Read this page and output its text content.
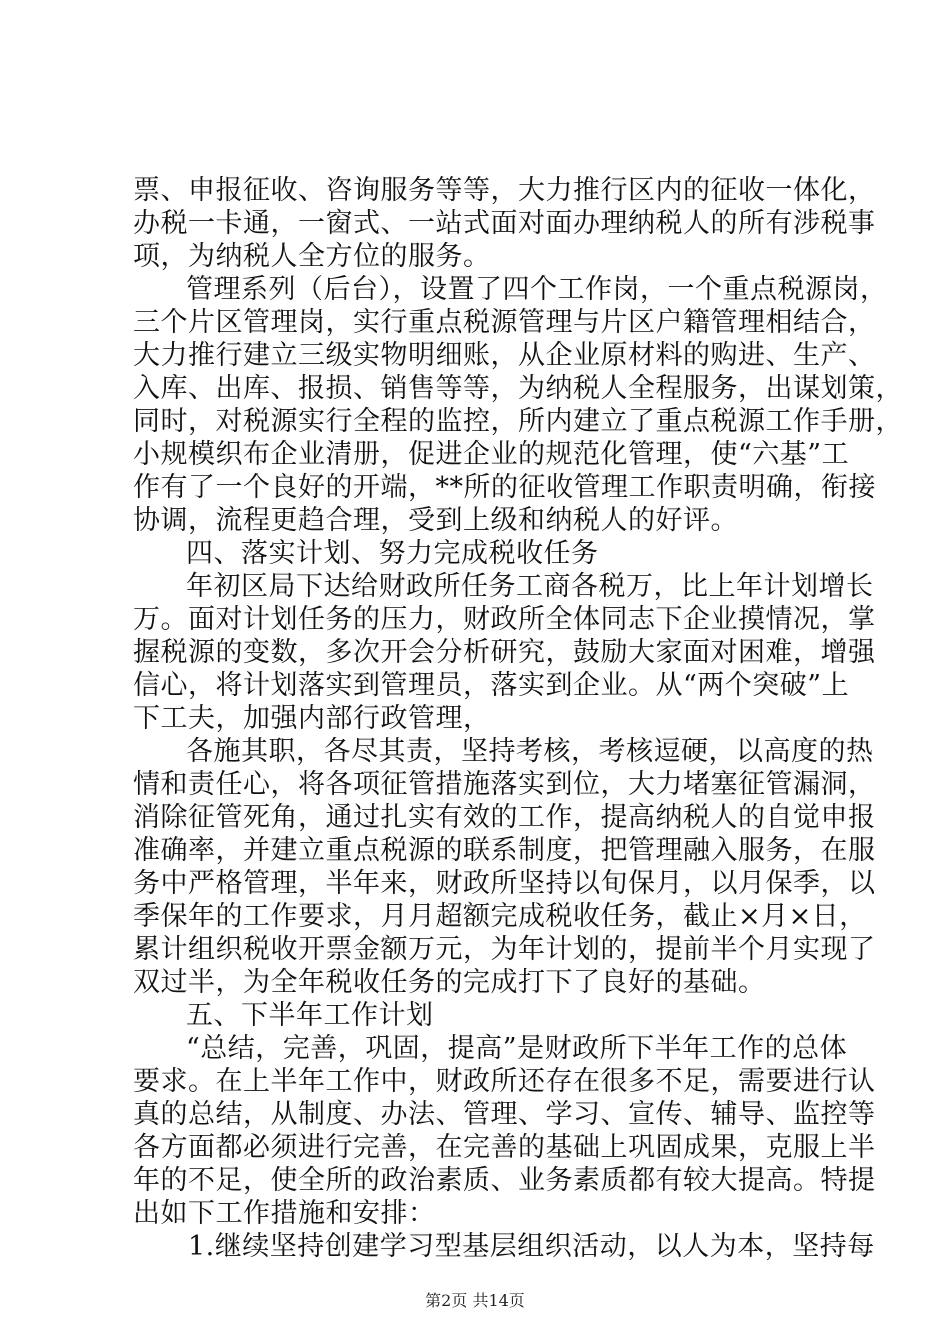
票、申报征收、咨询服务等等，大力推行区内的征收一体化，
办税一卡通，一窗式、一站式面对面办理纳税人的所有涉税事
项，为纳税人全方位的服务。
管理系列（后台），设置了四个工作岗，一个重点税源岗，
三个片区管理岗，实行重点税源管理与片区户籍管理相结合，
大力推行建立三级实物明细账，从企业原材料的购进、生产、
入库、出库、报损、销售等等，为纳税人全程服务，出谋划策，
同时，对税源实行全程的监控，所内建立了重点税源工作手册，
小规模织布企业清册，促进企业的规范化管理，使“六基”工
作有了一个良好的开端，**所的征收管理工作职责明确，衔接
协调，流程更趋合理，受到上级和纳税人的好评。
四、落实计划、努力完成税收任务
年初区局下达给财政所任务工商各税万，比上年计划增长
万。面对计划任务的压力，财政所全体同志下企业摸情况，掌
握税源的变数，多次开会分析研究，鼓励大家面对困难，增强
信心，将计划落实到管理员，落实到企业。从“两个突破”上
下工夫，加强内部行政管理，
各施其职，各尽其责，坚持考核，考核逗硬，以高度的热
情和责任心，将各项征管措施落实到位，大力堵塞征管漏洞，
消除征管死角，通过扎实有效的工作，提高纳税人的自觉申报
准确率，并建立重点税源的联系制度，把管理融入服务，在服
务中严格管理，半年来，财政所坚持以旬保月，以月保季，以
季保年的工作要求，月月超额完成税收任务，截止×月×日，
累计组织税收开票金额万元，为年计划的，提前半个月实现了
双过半，为全年税收任务的完成打下了良好的基础。
五、下半年工作计划
“总结，完善，巩固，提高”是财政所下半年工作的总体
要求。在上半年工作中，财政所还存在很多不足，需要进行认
真的总结，从制度、办法、管理、学习、宣传、辅导、监控等
各方面都必须进行完善，在完善的基础上巩固成果，克服上半
年的不足，使全所的政治素质、业务素质都有较大提高。特提
出如下工作措施和安排：
1.继续坚持创建学习型基层组织活动，以人为本，坚持每
第2页 共14页
